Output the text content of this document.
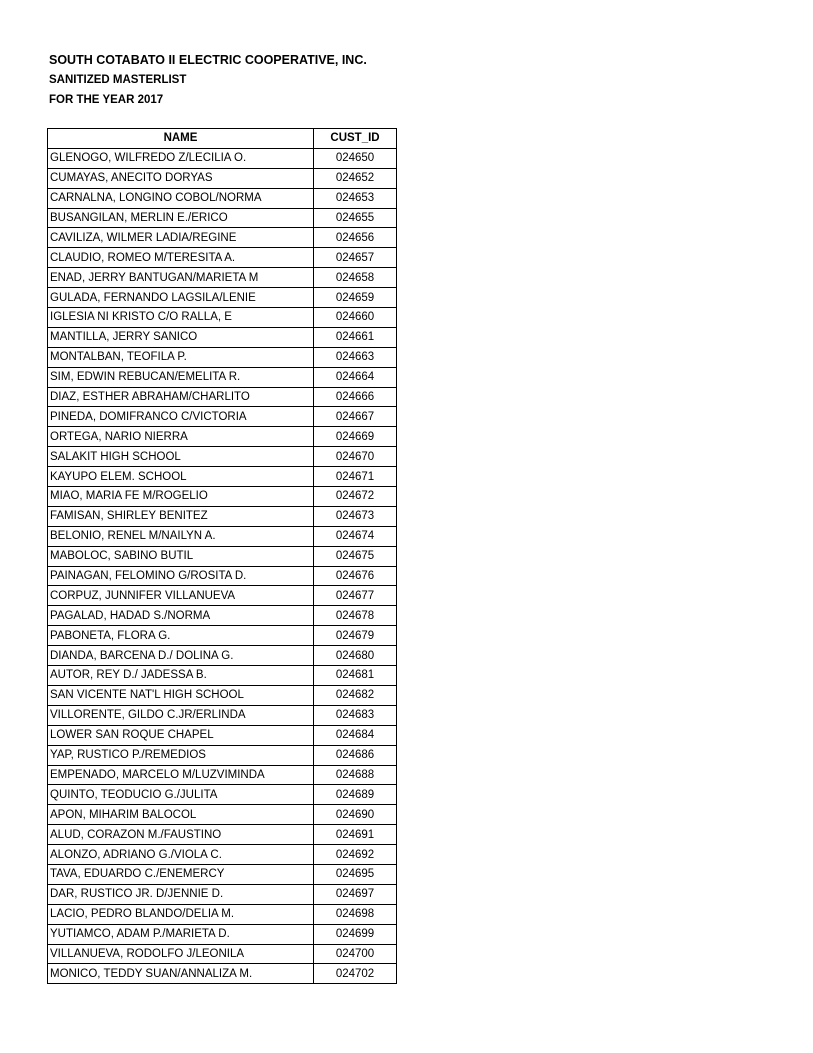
SOUTH COTABATO II ELECTRIC COOPERATIVE, INC.
SANITIZED MASTERLIST
FOR THE YEAR 2017
NAME	CUST_ID
GLENOGO, WILFREDO Z/LECILIA O.	024650
CUMAYAS, ANECITO DORYAS	024652
CARNALNA, LONGINO COBOL/NORMA	024653
BUSANGILAN, MERLIN E./ERICO	024655
CAVILIZA, WILMER LADIA/REGINE	024656
CLAUDIO, ROMEO M/TERESITA A.	024657
ENAD, JERRY BANTUGAN/MARIETA M	024658
GULADA, FERNANDO LAGSILA/LENIE	024659
IGLESIA NI KRISTO C/O RALLA, E	024660
MANTILLA, JERRY SANICO	024661
MONTALBAN, TEOFILA P.	024663
SIM, EDWIN REBUCAN/EMELITA R.	024664
DIAZ, ESTHER ABRAHAM/CHARLITO	024666
PINEDA, DOMIFRANCO C/VICTORIA	024667
ORTEGA, NARIO NIERRA	024669
SALAKIT HIGH SCHOOL	024670
KAYUPO ELEM. SCHOOL	024671
MIAO, MARIA FE M/ROGELIO	024672
FAMISAN, SHIRLEY BENITEZ	024673
BELONIO, RENEL M/NAILYN A.	024674
MABOLOC, SABINO BUTIL	024675
PAINAGAN, FELOMINO G/ROSITA D.	024676
CORPUZ, JUNNIFER VILLANUEVA	024677
PAGALAD, HADAD S./NORMA	024678
PABONETA, FLORA G.	024679
DIANDA, BARCENA D./ DOLINA G.	024680
AUTOR, REY D./ JADESSA B.	024681
SAN VICENTE NAT'L HIGH SCHOOL	024682
VILLORENTE, GILDO C.JR/ERLINDA	024683
LOWER SAN ROQUE CHAPEL	024684
YAP, RUSTICO P./REMEDIOS	024686
EMPENADO, MARCELO M/LUZVIMINDA	024688
QUINTO, TEODUCIO G./JULITA	024689
APON, MIHARIM BALOCOL	024690
ALUD, CORAZON M./FAUSTINO	024691
ALONZO, ADRIANO G./VIOLA C.	024692
TAVA, EDUARDO C./ENEMERCY	024695
DAR, RUSTICO JR. D/JENNIE D.	024697
LACIO, PEDRO BLANDO/DELIA M.	024698
YUTIAMCO, ADAM P./MARIETA D.	024699
VILLANUEVA, RODOLFO J/LEONILA	024700
MONICO, TEDDY SUAN/ANNALIZA M.	024702
